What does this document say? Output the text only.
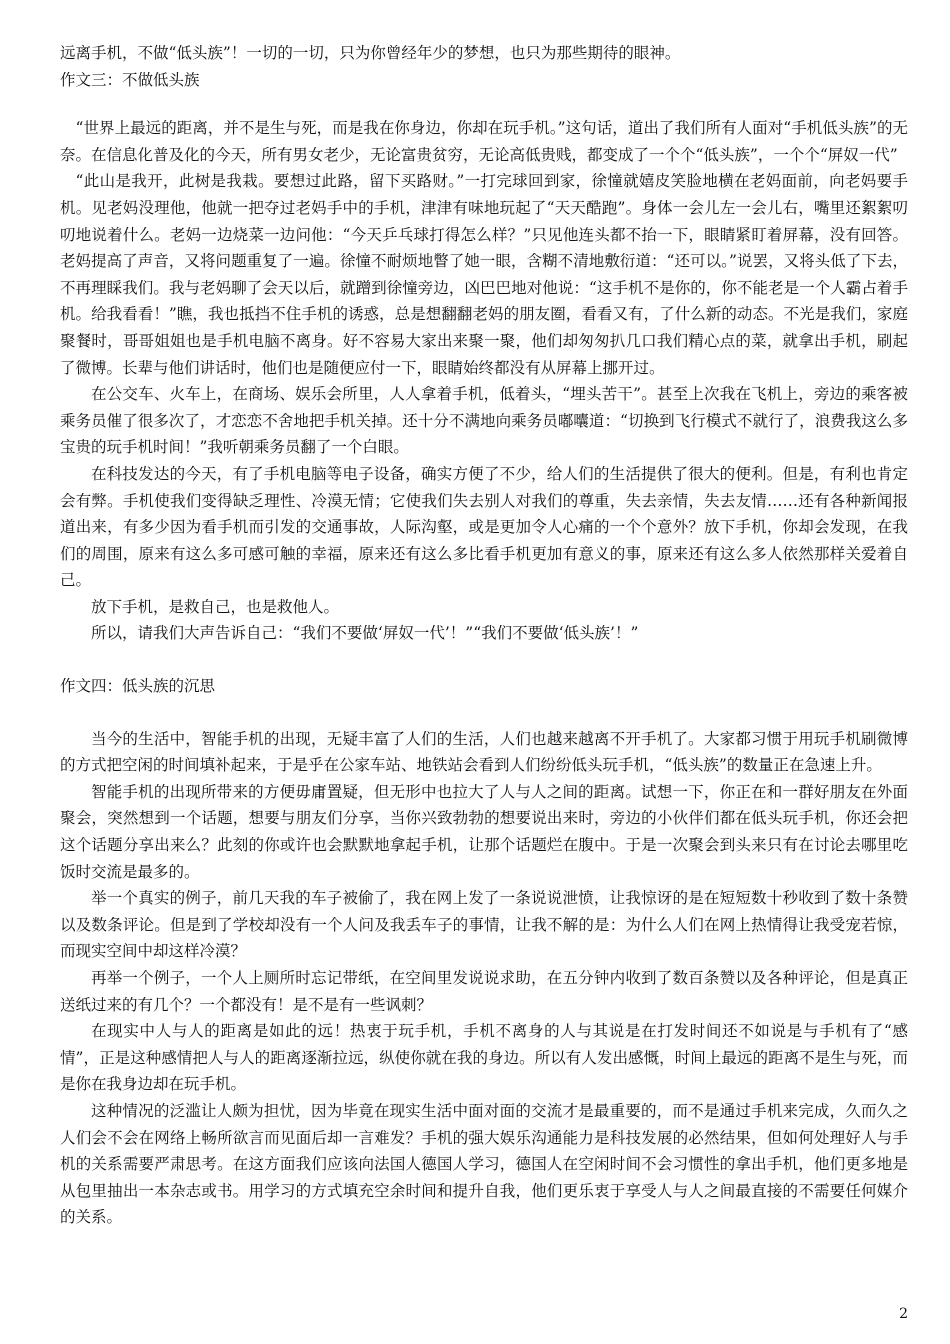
远离手机，不做“低头族”！一切的一切，只为你曾经年少的梦想，也只为那些期待的眼神。

作文三：不做低头族

“世界上最远的距离，并不是生与死，而是我在你身边，你却在玩手机。”这句话，道出了我们所有人面对“手机低头族”的无奈。在信息化普及化的今天，所有男女老少，无论富贵贫穷，无论高低贵贱，都变成了一个个“低头族”，一个个“屏奴一代”

“此山是我开，此树是我栽。要想过此路，留下买路财。”一打完球回到家，徐憧就嬉皮笑脸地横在老妈面前，向老妈要手机。见老妈没理他，他就一把夺过老妈手中的手机，津津有味地玩起了“天天酷跑”。身体一会儿左一会儿右，嘴里还絮絮叨叨地说着什么。老妈一边烧菜一边问他：“今天乒乓球打得怎么样？”只见他连头都不抬一下，眼睛紧盯着屏幕，没有回答。老妈提高了声音，又将问题重复了一遍。徐憧不耐烦地瞥了她一眼，含糊不清地敷衍道：“还可以。”说罢，又将头低了下去，不再理睬我们。我与老妈聊了会天以后，就蹭到徐憧旁边，凶巴巴地对他说：“这手机不是你的，你不能老是一个人霸占着手机。给我看看！”瞧，我也抵挡不住手机的诱惑，总是想翻翻老妈的朋友圈，看看又有，了什么新的动态。不光是我们，家庭聚餐时，哥哥姐姐也是手机电脑不离身。好不容易大家出来聚一聚，他们却匆匆扒几口我们精心点的菜，就拿出手机，刷起了微博。长辈与他们讲话时，他们也是随便应付一下，眼睛始终都没有从屏幕上挪开过。

在公交车、火车上，在商场、娱乐会所里，人人拿着手机，低着头，“埋头苦干”。甚至上次我在飞机上，旁边的乘客被乘务员催了很多次了，才恋恋不舍地把手机关掉。还十分不满地向乘务员嘟囔道：“切换到飞行模式不就行了，浪费我这么多宝贵的玩手机时间！”我听朝乘务员翻了一个白眼。

在科技发达的今天，有了手机电脑等电子设备，确实方便了不少，给人们的生活提供了很大的便利。但是，有利也肯定会有弊。手机使我们变得缺乏理性、冷漠无情；它使我们失去别人对我们的尊重，失去亲情，失去友情……还有各种新闻报道出来，有多少因为看手机而引发的交通事故，人际沟壑，或是更加令人心痛的一个个意外？放下手机，你却会发现，在我们的周围，原来有这么多可感可触的幸福，原来还有这么多比看手机更加有意义的事，原来还有这么多人依然那样关爱着自己。

放下手机，是救自己，也是救他人。

所以，请我们大声告诉自己：“我们不要做‘屏奴一代’！”“我们不要做‘低头族’！”

作文四：低头族的沉思

当今的生活中，智能手机的出现，无疑丰富了人们的生活，人们也越来越离不开手机了。大家都习惯于用玩手机刷微博的方式把空闲的时间填补起来，于是乎在公家车站、地铁站会看到人们纷纷低头玩手机，“低头族”的数量正在急速上升。

智能手机的出现所带来的方便毋庸置疑，但无形中也拉大了人与人之间的距离。试想一下，你正在和一群好朋友在外面聚会，突然想到一个话题，想要与朋友们分享，当你兴致勃勃的想要说出来时，旁边的小伙伴们都在低头玩手机，你还会把这个话题分享出来么？此刻的你或许也会默默地拿起手机，让那个话题烂在腹中。于是一次聚会到头来只有在讨论去哪里吃饭时交流是最多的。

举一个真实的例子，前几天我的车子被偷了，我在网上发了一条说说泄愤，让我惊讶的是在短短数十秒收到了数十条赞以及数条评论。但是到了学校却没有一个人问及我丢车子的事情，让我不解的是：为什么人们在网上热情得让我受宠若惊，而现实空间中却这样冷漠？

再举一个例子，一个人上厕所时忘记带纸，在空间里发说说求助，在五分钟内收到了数百条赞以及各种评论，但是真正送纸过来的有几个？一个都没有！是不是有一些讽刺？

在现实中人与人的距离是如此的远！热衷于玩手机，手机不离身的人与其说是在打发时间还不如说是与手机有了“感情”，正是这种感情把人与人的距离逐渐拉远，纵使你就在我的身边。所以有人发出感慨，时间上最远的距离不是生与死，而是你在我身边却在玩手机。

这种情况的泛滥让人颇为担忧，因为毕竟在现实生活中面对面的交流才是最重要的，而不是通过手机来完成，久而久之人们会不会在网络上畅所欲言而见面后却一言难发？手机的强大娱乐沟通能力是科技发展的必然结果，但如何处理好人与手机的关系需要严肃思考。在这方面我们应该向法国人德国人学习，德国人在空闲时间不会习惯性的拿出手机，他们更多地是从包里抽出一本杂志或书。用学习的方式填充空余时间和提升自我，他们更乐衷于享受人与人之间最直接的不需要任何媒介的关系。

2
